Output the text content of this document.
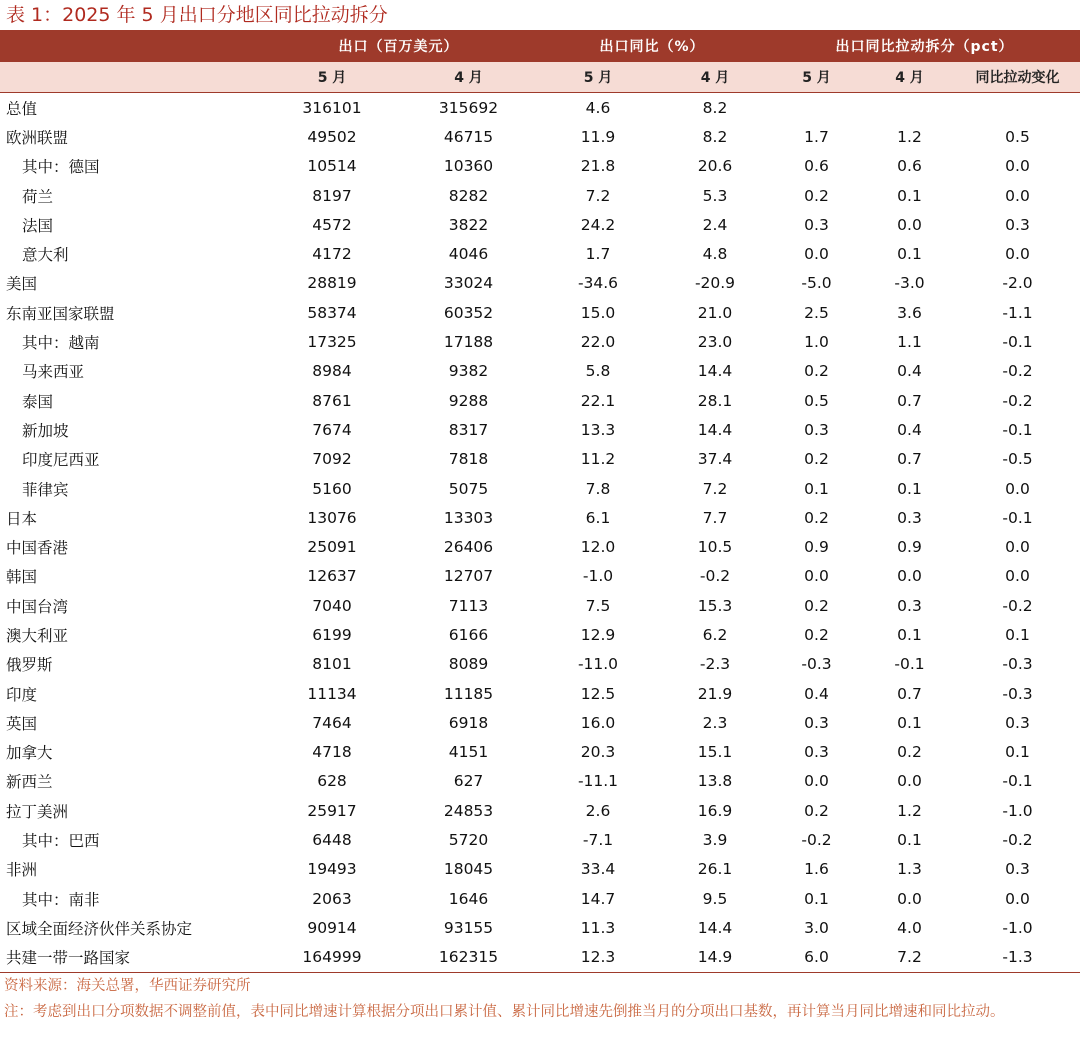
表 1：2025 年 5 月出口分地区同比拉动拆分
	出口（百万美元）		出口同比（%）		出口同比拉动拆分（pct）		
	5 月	4 月	5 月	4 月	5 月	4 月	同比拉动变化
总值	316101	315692	4.6	8.2			
欧洲联盟	49502	46715	11.9	8.2	1.7	1.2	0.5
其中：德国	10514	10360	21.8	20.6	0.6	0.6	0.0
荷兰	8197	8282	7.2	5.3	0.2	0.1	0.0
法国	4572	3822	24.2	2.4	0.3	0.0	0.3
意大利	4172	4046	1.7	4.8	0.0	0.1	0.0
美国	28819	33024	-34.6	-20.9	-5.0	-3.0	-2.0
东南亚国家联盟	58374	60352	15.0	21.0	2.5	3.6	-1.1
其中：越南	17325	17188	22.0	23.0	1.0	1.1	-0.1
马来西亚	8984	9382	5.8	14.4	0.2	0.4	-0.2
泰国	8761	9288	22.1	28.1	0.5	0.7	-0.2
新加坡	7674	8317	13.3	14.4	0.3	0.4	-0.1
印度尼西亚	7092	7818	11.2	37.4	0.2	0.7	-0.5
菲律宾	5160	5075	7.8	7.2	0.1	0.1	0.0
日本	13076	13303	6.1	7.7	0.2	0.3	-0.1
中国香港	25091	26406	12.0	10.5	0.9	0.9	0.0
韩国	12637	12707	-1.0	-0.2	0.0	0.0	0.0
中国台湾	7040	7113	7.5	15.3	0.2	0.3	-0.2
澳大利亚	6199	6166	12.9	6.2	0.2	0.1	0.1
俄罗斯	8101	8089	-11.0	-2.3	-0.3	-0.1	-0.3
印度	11134	11185	12.5	21.9	0.4	0.7	-0.3
英国	7464	6918	16.0	2.3	0.3	0.1	0.3
加拿大	4718	4151	20.3	15.1	0.3	0.2	0.1
新西兰	628	627	-11.1	13.8	0.0	0.0	-0.1
拉丁美洲	25917	24853	2.6	16.9	0.2	1.2	-1.0
其中：巴西	6448	5720	-7.1	3.9	-0.2	0.1	-0.2
非洲	19493	18045	33.4	26.1	1.6	1.3	0.3
其中：南非	2063	1646	14.7	9.5	0.1	0.0	0.0
区域全面经济伙伴关系协定	90914	93155	11.3	14.4	3.0	4.0	-1.0
共建一带一路国家	164999	162315	12.3	14.9	6.0	7.2	-1.3

资料来源：海关总署，华西证券研究所

注：考虑到出口分项数据不调整前值，表中同比增速计算根据分项出口累计值、累计同比增速先倒推当月的分项出口基数，再计算当月同比增速和同比拉动。
